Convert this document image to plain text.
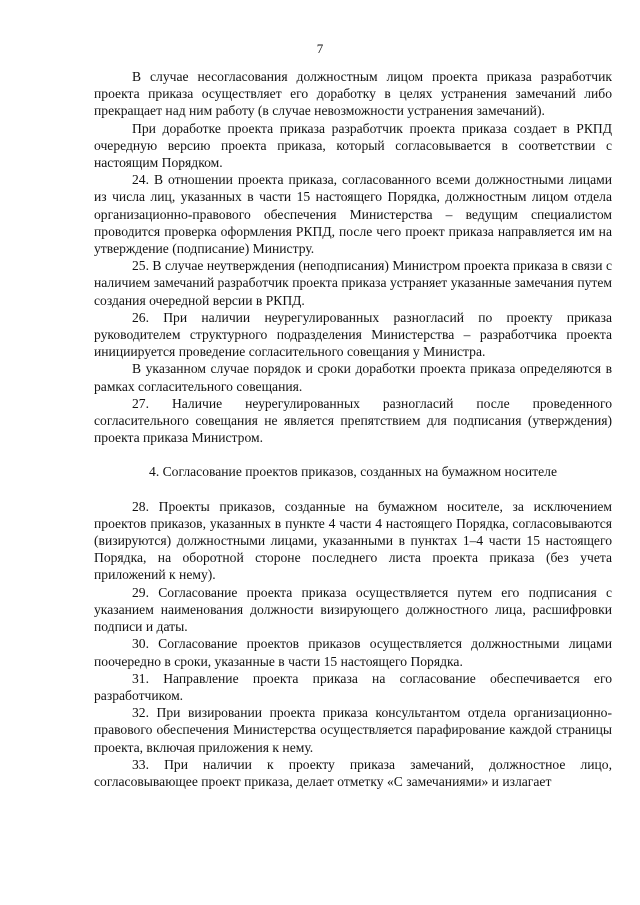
7

В случае несогласования должностным лицом проекта приказа разработчик проекта приказа осуществляет его доработку в целях устранения замечаний либо прекращает над ним работу (в случае невозможности устранения замечаний).

При доработке проекта приказа разработчик проекта приказа создает в РКПД очередную версию проекта приказа, который согласовывается в соответствии с настоящим Порядком.

24. В отношении проекта приказа, согласованного всеми должностными лицами из числа лиц, указанных в части 15 настоящего Порядка, должностным лицом отдела организационно-правового обеспечения Министерства – ведущим специалистом проводится проверка оформления РКПД, после чего проект приказа направляется им на утверждение (подписание) Министру.

25. В случае неутверждения (неподписания) Министром проекта приказа в связи с наличием замечаний разработчик проекта приказа устраняет указанные замечания путем создания очередной версии в РКПД.

26. При наличии неурегулированных разногласий по проекту приказа руководителем структурного подразделения Министерства – разработчика проекта инициируется проведение согласительного совещания у Министра.

В указанном случае порядок и сроки доработки проекта приказа определяются в рамках согласительного совещания.

27. Наличие неурегулированных разногласий после проведенного согласительного совещания не является препятствием для подписания (утверждения) проекта приказа Министром.

4. Согласование проектов приказов, созданных на бумажном носителе

28. Проекты приказов, созданные на бумажном носителе, за исключением проектов приказов, указанных в пункте 4 части 4 настоящего Порядка, согласовываются (визируются) должностными лицами, указанными в пунктах 1–4 части 15 настоящего Порядка, на оборотной стороне последнего листа проекта приказа (без учета приложений к нему).

29. Согласование проекта приказа осуществляется путем его подписания с указанием наименования должности визирующего должностного лица, расшифровки подписи и даты.

30. Согласование проектов приказов осуществляется должностными лицами поочередно в сроки, указанные в части 15 настоящего Порядка.

31. Направление проекта приказа на согласование обеспечивается его разработчиком.

32. При визировании проекта приказа консультантом отдела организационно-правового обеспечения Министерства осуществляется парафирование каждой страницы проекта, включая приложения к нему.

33. При наличии к проекту приказа замечаний, должностное лицо, согласовывающее проект приказа, делает отметку «С замечаниями» и излагает
